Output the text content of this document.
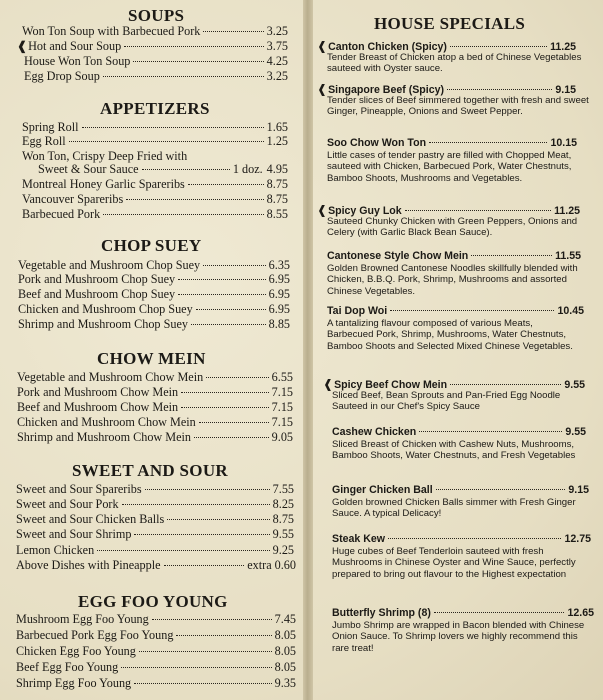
SOUPS
Won Ton Soup with Barbecued Pork	3.25
❰ Hot and Sour Soup	3.75
House Won Ton Soup	4.25
Egg Drop Soup	3.25
APPETIZERS
Spring Roll	1.65
Egg Roll	1.25
Won Ton, Crispy Deep Fried with
Sweet & Sour Sauce	1 doz. 4.95
Montreal Honey Garlic Spareribs	8.75
Vancouver Spareribs	8.75
Barbecued Pork	8.55
CHOP SUEY
Vegetable and Mushroom Chop Suey	6.35
Pork and Mushroom Chop Suey	6.95
Beef and Mushroom Chop Suey	6.95
Chicken and Mushroom Chop Suey	6.95
Shrimp and Mushroom Chop Suey	8.85
CHOW MEIN
Vegetable and Mushroom Chow Mein	6.55
Pork and Mushroom Chow Mein	7.15
Beef and Mushroom Chow Mein	7.15
Chicken and Mushroom Chow Mein	7.15
Shrimp and Mushroom Chow Mein	9.05
SWEET AND SOUR
Sweet and Sour Spareribs	7.55
Sweet and Sour Pork	8.25
Sweet and Sour Chicken Balls	8.75
Sweet and Sour Shrimp	9.55
Lemon Chicken	9.25
Above Dishes with Pineapple	extra 0.60
EGG FOO YOUNG
Mushroom Egg Foo Young	7.45
Barbecued Pork Egg Foo Young	8.05
Chicken Egg Foo Young	8.05
Beef Egg Foo Young	8.05
Shrimp Egg Foo Young	9.35
HOUSE SPECIALS
❰ Canton Chicken (Spicy)	11.25
Tender Breast of Chicken atop a bed of Chinese Vegetables sauteed with Oyster sauce.
❰ Singapore Beef (Spicy)	9.15
Tender slices of Beef simmered together with fresh and sweet Ginger, Pineapple, Onions and Sweet Pepper.
Soo Chow Won Ton	10.15
Little cases of tender pastry are filled with Chopped Meat, sauteed with Chicken, Barbecued Pork, Water Chestnuts, Bamboo Shoots, Mushrooms and Vegetables.
❰ Spicy Guy Lok	11.25
Sauteed Chunky Chicken with Green Peppers, Onions and Celery (with Garlic Black Bean Sauce).
Cantonese Style Chow Mein	11.55
Golden Browned Cantonese Noodles skillfully blended with Chicken, B.B.Q. Pork, Shrimp, Mushrooms and assorted Chinese Vegetables.
Tai Dop Woi	10.45
A tantalizing flavour composed of various Meats, Barbecued Pork, Shrimp, Mushrooms, Water Chestnuts, Bamboo Shoots and Selected Mixed Chinese Vegetables.
❰ Spicy Beef Chow Mein	9.55
Sliced Beef, Bean Sprouts and Pan-Fried Egg Noodle Sauteed in our Chef's Spicy Sauce
Cashew Chicken	9.55
Sliced Breast of Chicken with Cashew Nuts, Mushrooms, Bamboo Shoots, Water Chestnuts, and Fresh Vegetables
Ginger Chicken Ball	9.15
Golden browned Chicken Balls simmer with Fresh Ginger Sauce. A typical Delicacy!
Steak Kew	12.75
Huge cubes of Beef Tenderloin sauteed with fresh Mushrooms in Chinese Oyster and Wine Sauce, perfectly prepared to bring out flavour to the Highest expectation
Butterfly Shrimp (8)	12.65
Jumbo Shrimp are wrapped in Bacon blended with Chinese Onion Sauce. To Shrimp lovers we highly recommend this rare treat!
